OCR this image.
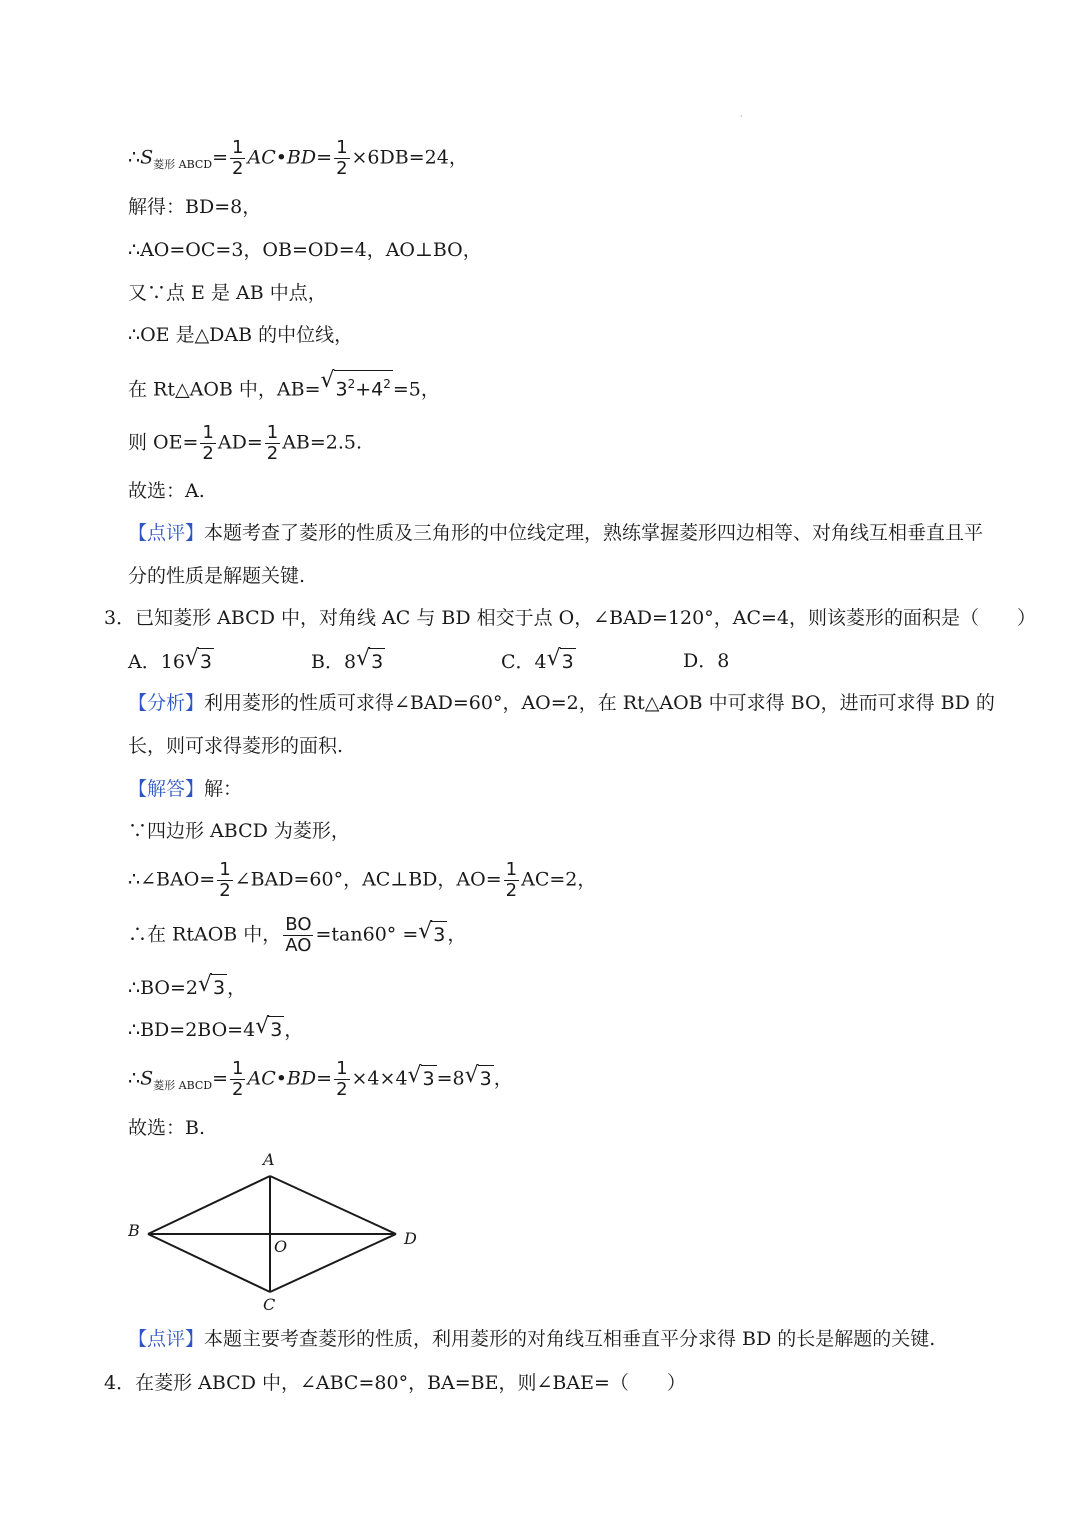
·
$\therefore S_{菱形 ABCD}= \frac{1}{2}$ AC•BD= $\frac{1}{2} \times 6DB=24$，
解得：BD=8，
∴AO=OC=3，OB=OD=4，AO⊥BO，
又∵点 E 是 AB 中点，
∴OE 是△DAB 的中位线，
在 Rt△AOB 中，AB= √ $3^2+4^2 =5$，
则 $OE= \frac{1}{2} AD= \frac{1}{2} AB=2.5$.
故选：A.
【点评】本题考查了菱形的性质及三角形的中位线定理，熟练掌握菱形四边相等、对角线互相垂直且平
分的性质是解题关键.
3．已知菱形 ABCD 中，对角线 AC 与 BD 相交于点 O，∠BAD=120°，AC=4，则该菱形的面积是（　　）
A．16 √ 3	B．8 √ 3	C．4 √ 3	D．8
【分析】利用菱形的性质可求得∠BAD=60°，AO=2，在 Rt△AOB 中可求得 BO，进而可求得 BD 的
长，则可求得菱形的面积.
【解答】解：
∵四边形 ABCD 为菱形，
∴∠BAO= $\frac{1}{2}$ ∠BAD=60°，AC⊥BD，$AO= \frac{1}{2} AC=2$，
∴在 RtAOB 中， $\frac{BO}{AO} =\tan 60^\circ$ = √ 3 ，
∴BO=2 √ 3 ，
∴BD=2BO=4 √ 3 ，
$\therefore S_{菱形 ABCD}= \frac{1}{2}$ AC•BD= $\frac{1}{2} \times 4\times 4$ √ 3 =8 √ 3 ，
故选：B.
A
B
C
D
O
【点评】本题主要考查菱形的性质，利用菱形的对角线互相垂直平分求得 BD 的长是解题的关键.
4．在菱形 ABCD 中，∠ABC=80°，BA=BE，则∠BAE=（　　）
